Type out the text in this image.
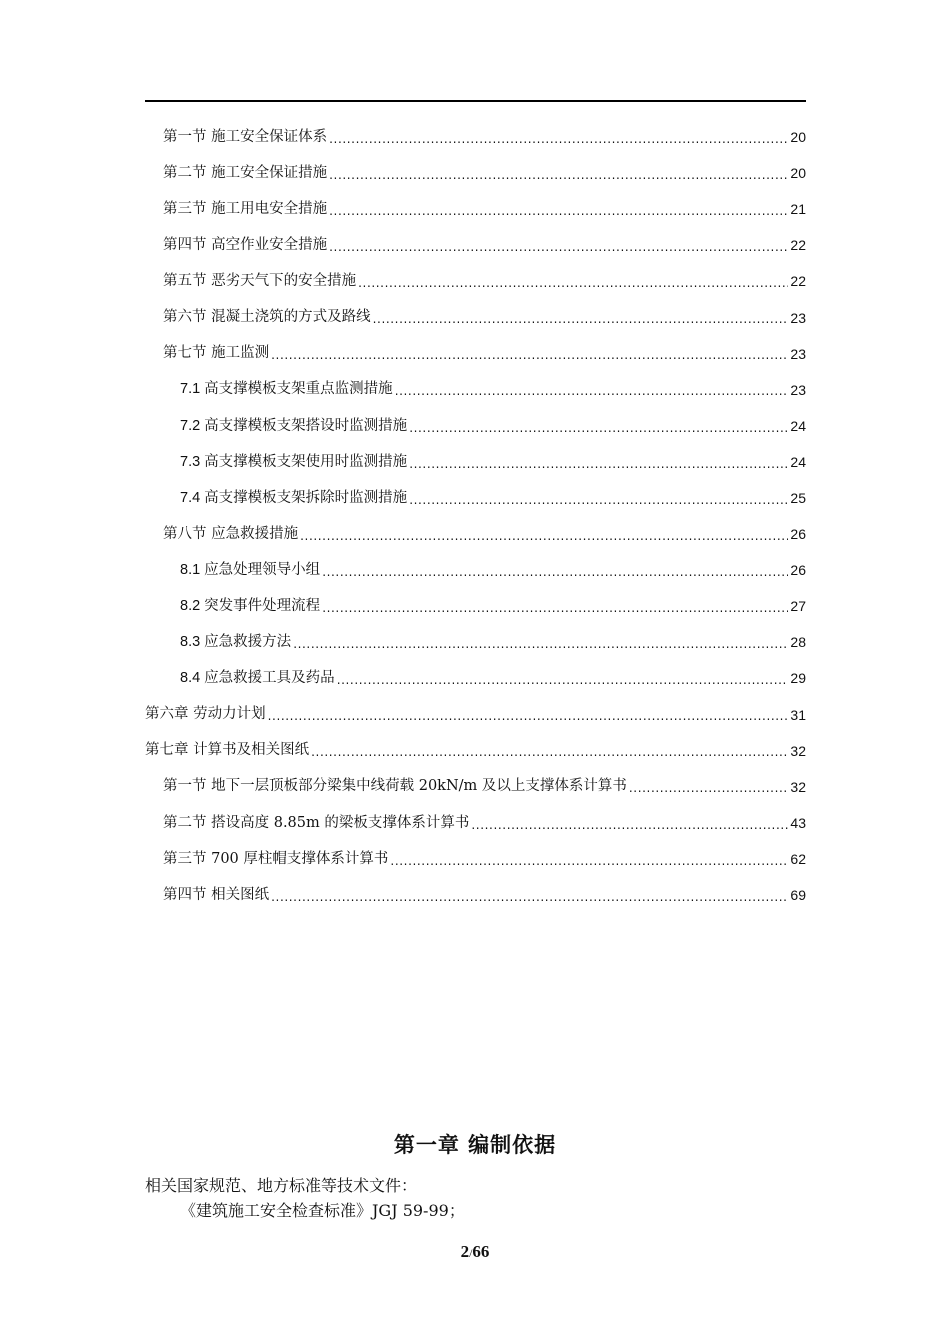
第一节 施工安全保证体系 .....	20
第二节 施工安全保证措施 .....	20
第三节 施工用电安全措施 .....	21
第四节 高空作业安全措施 .....	22
第五节 恶劣天气下的安全措施 .....	22
第六节 混凝土浇筑的方式及路线 .....	23
第七节 施工监测 .....	23
7.1 高支撑模板支架重点监测措施 .....	23
7.2 高支撑模板支架搭设时监测措施 .....	24
7.3 高支撑模板支架使用时监测措施 .....	24
7.4 高支撑模板支架拆除时监测措施 .....	25
第八节 应急救援措施 .....	26
8.1 应急处理领导小组 .....	26
8.2 突发事件处理流程 .....	27
8.3 应急救援方法 .....	28
8.4 应急救援工具及药品 .....	29
第六章 劳动力计划 .....	31
第七章 计算书及相关图纸 .....	32
第一节 地下一层顶板部分梁集中线荷载 20kN/m 及以上支撑体系计算书 .....	32
第二节 搭设高度 8.85m 的梁板支撑体系计算书 .....	43
第三节 700 厚柱帽支撑体系计算书 .....	62
第四节 相关图纸 .....	69
第一章 编制依据
相关国家规范、地方标准等技术文件：
《建筑施工安全检查标准》JGJ 59-99；
2/66
